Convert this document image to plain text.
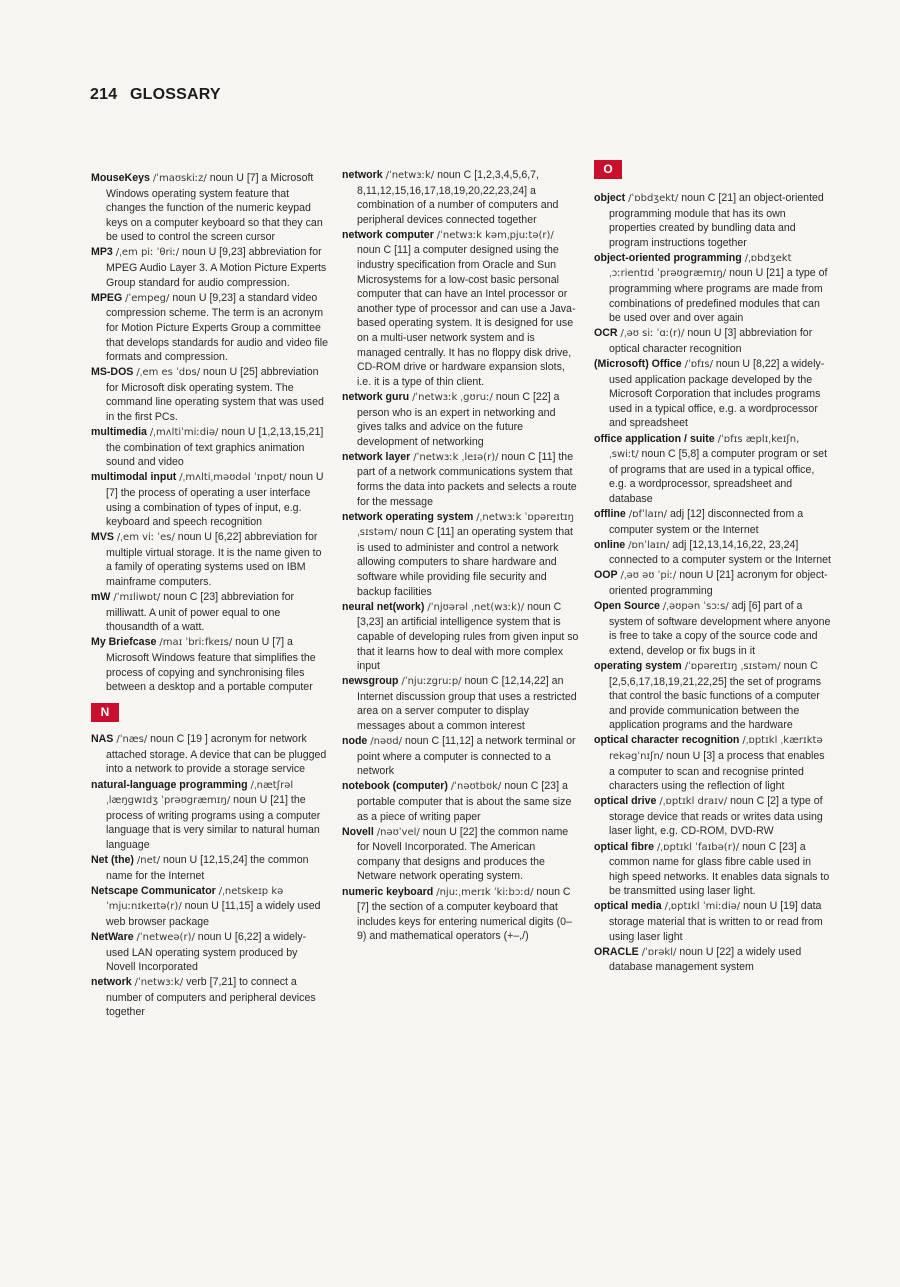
214 GLOSSARY

MouseKeys /ˈmaʊskiːz/ noun U [7] a Microsoft Windows operating system feature that changes the function of the numeric keypad keys on a computer keyboard so that they can be used to control the screen cursor

MP3 /ˌem piː ˈθriː/ noun U [9,23] abbreviation for MPEG Audio Layer 3. A Motion Picture Experts Group standard for audio compression.

MPEG /ˈempeg/ noun U [9,23] a standard video compression scheme. The term is an acronym for Motion Picture Experts Group a committee that develops standards for audio and video file formats and compression.

MS-DOS /ˌem es ˈdɒs/ noun U [25] abbreviation for Microsoft disk operating system. The command line operating system that was used in the first PCs.

multimedia /ˌmʌltiˈmiːdiə/ noun U [1,2,13,15,21] the combination of text graphics animation sound and video

multimodal input /ˌmʌltiˌməʊdəl ˈɪnpʊt/ noun U [7] the process of operating a user interface using a combination of types of input, e.g. keyboard and speech recognition

MVS /ˌem viː ˈes/ noun U [6,22] abbreviation for multiple virtual storage. It is the name given to a family of operating systems used on IBM mainframe computers.

mW /ˈmɪliwɒt/ noun C [23] abbreviation for milliwatt. A unit of power equal to one thousandth of a watt.

My Briefcase /maɪ ˈbriːfkeɪs/ noun U [7] a Microsoft Windows feature that simplifies the process of copying and synchronising files between a desktop and a portable computer

N

NAS /ˈnæs/ noun C [19 ] acronym for network attached storage. A device that can be plugged into a network to provide a storage service

natural-language programming /ˌnætʃrəl ˌlæŋgwɪdʒ ˈprəʊgræmɪŋ/ noun U [21] the process of writing programs using a computer language that is very similar to natural human language

Net (the) /net/ noun U [12,15,24] the common name for the Internet

Netscape Communicator /ˌnetskeɪp kəˈmjuːnɪkeɪtə(r)/ noun U [11,15] a widely used web browser package

NetWare /ˈnetweə(r)/ noun U [6,22] a widely-used LAN operating system produced by Novell Incorporated

network /ˈnetwɜːk/ verb [7,21] to connect a number of computers and peripheral devices together

network /ˈnetwɜːk/ noun C [1,2,3,4,5,6,7, 8,11,12,15,16,17,18,19,20,22,23,24] a combination of a number of computers and peripheral devices connected together

network computer /ˈnetwɜːk kəmˌpjuːtə(r)/ noun C [11] a computer designed using the industry specification from Oracle and Sun Microsystems for a low-cost basic personal computer that can have an Intel processor or another type of processor and can use a Java-based operating system. It is designed for use on a multi-user network system and is managed centrally. It has no floppy disk drive, CD-ROM drive or hardware expansion slots, i.e. it is a type of thin client.

network guru /ˈnetwɜːk ˌgʊruː/ noun C [22] a person who is an expert in networking and gives talks and advice on the future development of networking

network layer /ˈnetwɜːk ˌleɪə(r)/ noun C [11] the part of a network communications system that forms the data into packets and selects a route for the message

network operating system /ˌnetwɜːk ˈɒpəreɪtɪŋ ˌsɪstəm/ noun C [11] an operating system that is used to administer and control a network allowing computers to share hardware and software while providing file security and backup facilities

neural net(work) /ˈnjʊərəl ˌnet(wɜːk)/ noun C [3,23] an artificial intelligence system that is capable of developing rules from given input so that it learns how to deal with more complex input

newsgroup /ˈnjuːzgruːp/ noun C [12,14,22] an Internet discussion group that uses a restricted area on a server computer to display messages about a common interest

node /nəʊd/ noun C [11,12] a network terminal or point where a computer is connected to a network

notebook (computer) /ˈnəʊtbʊk/ noun C [23] a portable computer that is about the same size as a piece of writing paper

Novell /nəʊˈvel/ noun U [22] the common name for Novell Incorporated. The American company that designs and produces the Netware network operating system.

numeric keyboard /njuːˌmerɪk ˈkiːbɔːd/ noun C [7] the section of a computer keyboard that includes keys for entering numerical digits (0–9) and mathematical operators (+–,/)

O

object /ˈɒbdʒekt/ noun C [21] an object-oriented programming module that has its own properties created by bundling data and program instructions together

object-oriented programming /ˌɒbdʒekt ˌɔːrientɪd ˈprəʊgræmɪŋ/ noun U [21] a type of programming where programs are made from combinations of predefined modules that can be used over and over again

OCR /ˌəʊ siː ˈɑː(r)/ noun U [3] abbreviation for optical character recognition

(Microsoft) Office /ˈɒfɪs/ noun U [8,22] a widely-used application package developed by the Microsoft Corporation that includes programs used in a typical office, e.g. a wordprocessor and spreadsheet

office application / suite /ˈɒfɪs æplɪˌkeɪʃn, ˌswiːt/ noun C [5,8] a computer program or set of programs that are used in a typical office, e.g. a wordprocessor, spreadsheet and database

offline /ɒfˈlaɪn/ adj [12] disconnected from a computer system or the Internet

online /ɒnˈlaɪn/ adj [12,13,14,16,22, 23,24] connected to a computer system or the Internet

OOP /ˌəʊ əʊ ˈpiː/ noun U [21] acronym for object-oriented programming

Open Source /ˌəʊpən ˈsɔːs/ adj [6] part of a system of software development where anyone is free to take a copy of the source code and extend, develop or fix bugs in it

operating system /ˈɒpəreɪtɪŋ ˌsɪstəm/ noun C [2,5,6,17,18,19,21,22,25] the set of programs that control the basic functions of a computer and provide communication between the application programs and the hardware

optical character recognition /ˌɒptɪkl ˌkærɪktə rekəgˈnɪʃn/ noun U [3] a process that enables a computer to scan and recognise printed characters using the reflection of light

optical drive /ˌɒptɪkl draɪv/ noun C [2] a type of storage device that reads or writes data using laser light, e.g. CD-ROM, DVD-RW

optical fibre /ˌɒptɪkl ˈfaɪbə(r)/ noun C [23] a common name for glass fibre cable used in high speed networks. It enables data signals to be transmitted using laser light.

optical media /ˌɒptɪkl ˈmiːdiə/ noun U [19] data storage material that is written to or read from using laser light

ORACLE /ˈɒrəkl/ noun U [22] a widely used database management system
